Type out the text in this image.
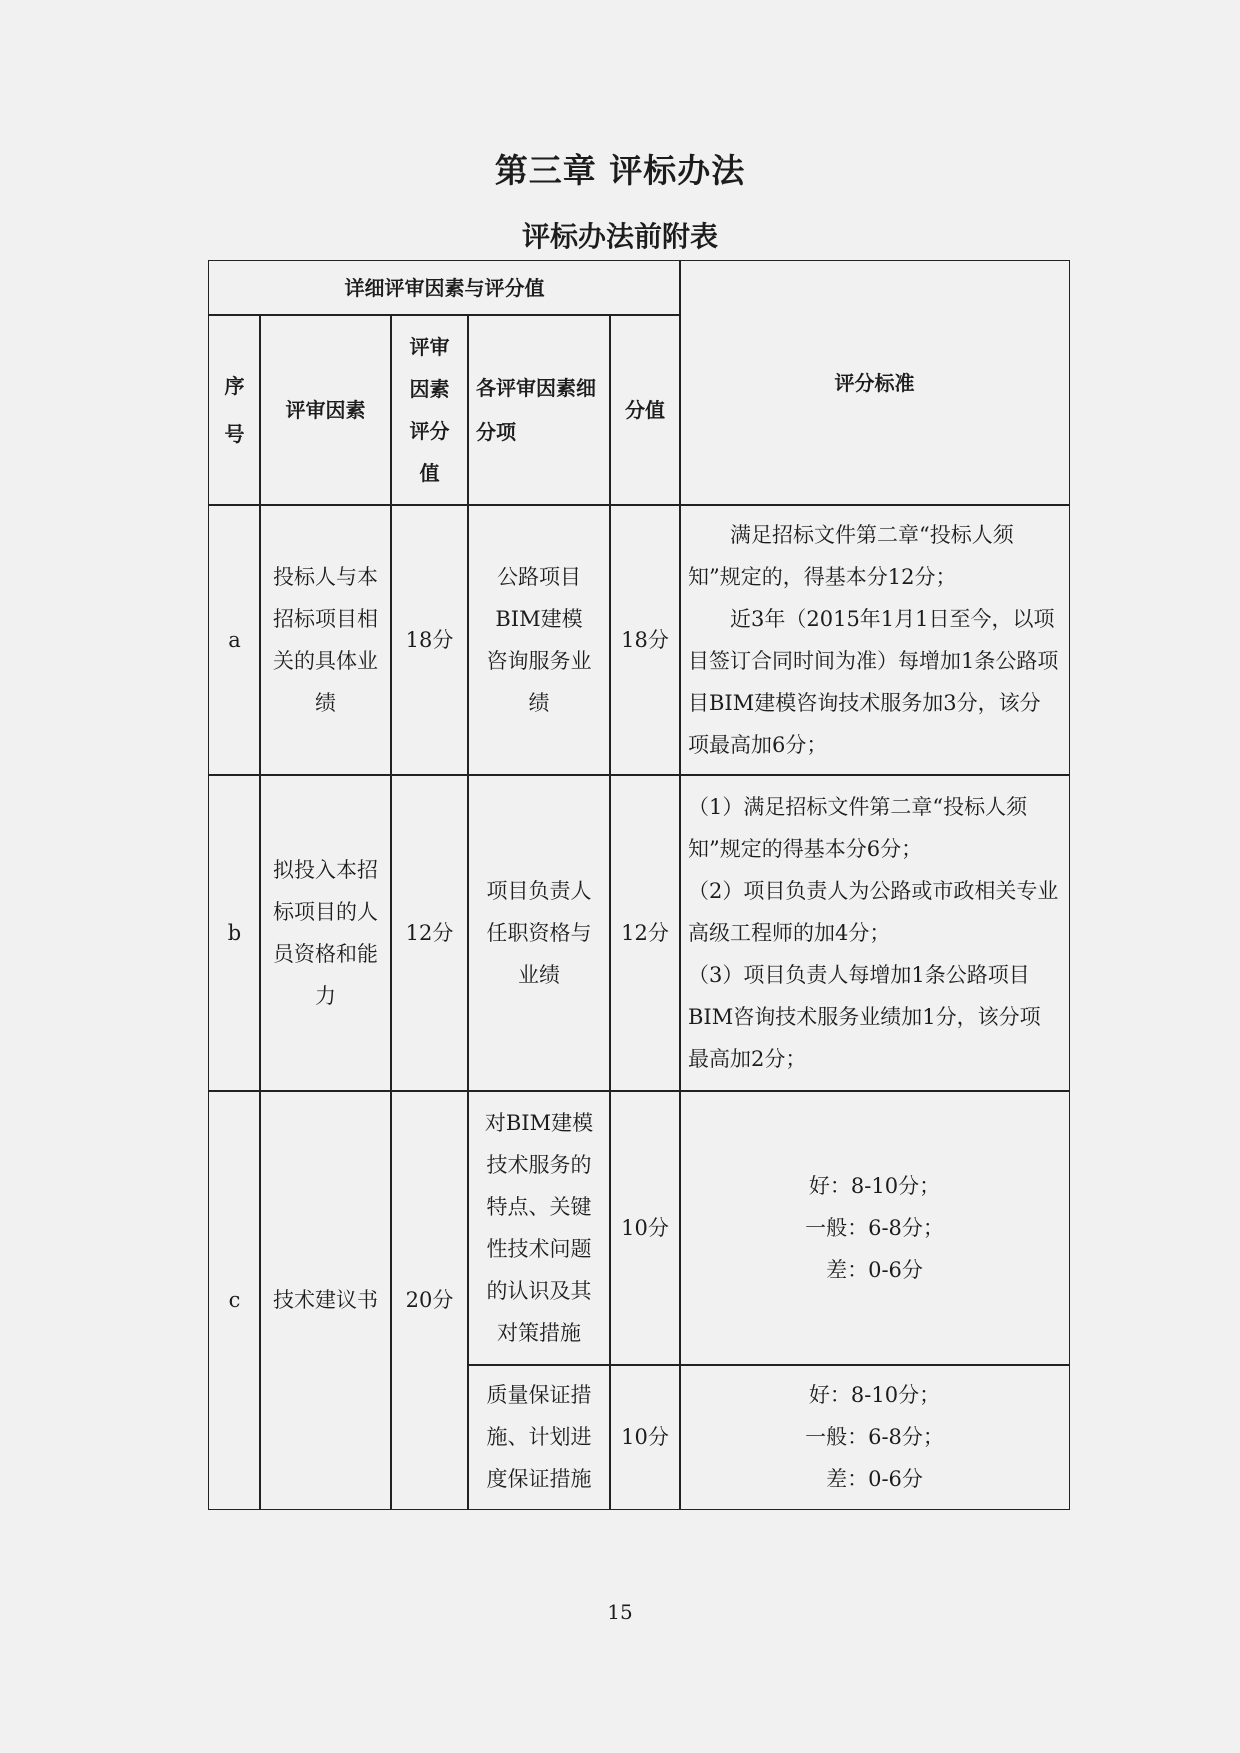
第三章 评标办法
评标办法前附表
详细评审因素与评分值
评分标准
序号
评审因素
评审因素评分值
各评审因素细分项
分值
a
投标人与本招标项目相关的具体业绩
18分
公路项目BIM建模咨询服务业绩
18分

满足招标文件第二章“投标人须知”规定的，得基本分12分；

近3年（2015年1月1日至今，以项目签订合同时间为准）每增加1条公路项目BIM建模咨询技术服务加3分，该分项最高加6分；

b
拟投入本招标项目的人员资格和能力
12分
项目负责人任职资格与业绩
12分

（1）满足招标文件第二章“投标人须知”规定的得基本分6分；

（2）项目负责人为公路或市政相关专业高级工程师的加4分；

（3）项目负责人每增加1条公路项目BIM咨询技术服务业绩加1分，该分项最高加2分；

c 技术建议书 20分
对BIM建模技术服务的特点、关键性技术问题的认识及其对策措施
10分

好：8-10分；

一般：6-8分；

差：0-6分

质量保证措施、计划进度保证措施
10分

好：8-10分；

一般：6-8分；

差：0-6分

15
